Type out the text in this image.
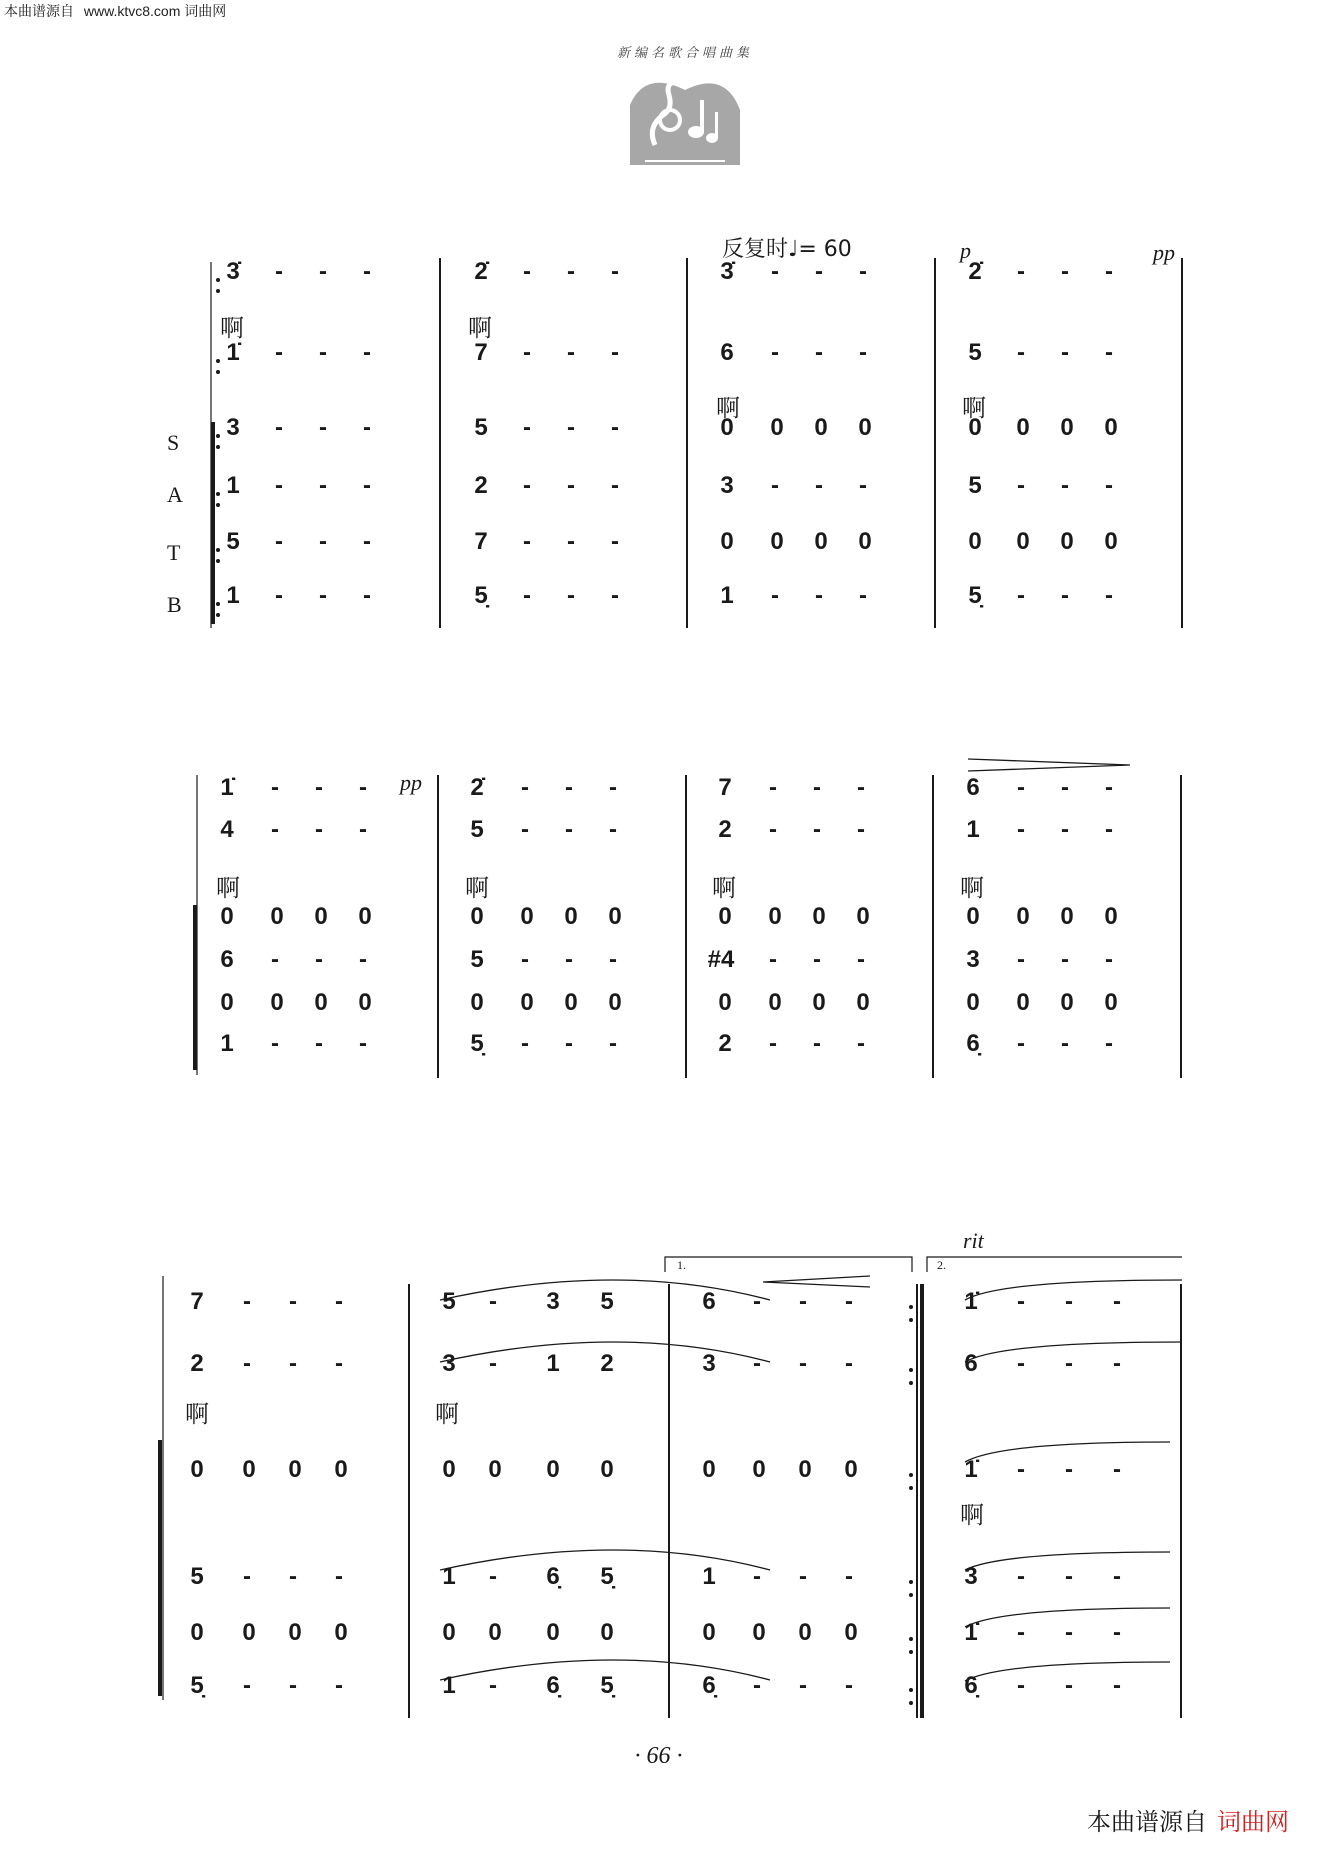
本曲谱源自 www.ktvc8.com 词曲网
新编名歌合唱曲集
S
A
T
B
反复时♩= 60	p	pp
pp
rit
1.	2.
啊	啊
啊	啊
啊	啊	啊	啊
啊	啊
啊
3̇ - - -	2̇ - - -	3̇ - - -	2̇ - - -
1̇ - - -	7 - - -	6 - - -	5 - - -
3 - - -	5 - - -	0 0 0 0	0 0 0 0
1 - - -	2 - - -	3 - - -	5 - - -
5 - - -	7 - - -	0 0 0 0	0 0 0 0
1 - - -	5̣ - - -	1 - - -	5̣ - - -
1̇ - - -	2̇ - - -	7 - - -	6 - - -
4 - - -	5 - - -	2 - - -	1 - - -
0 0 0 0	0 0 0 0	0 0 0 0	0 0 0 0
6 - - -	5 - - -	#4 - - -	3 - - -
0 0 0 0	0 0 0 0	0 0 0 0	0 0 0 0
1 - - -	5̣ - - -	2 - - -	6̣ - - -
7 - - -	5 - 3 5	6 - - -	1̇ - - -
2 - - -	3 - 1 2	3 - - -	6 - - -
0 0 0 0	0 0 0 0	0 0 0 0	1̇ - - -
5 - - -	1 - 6̣ 5̣	1 - - -	3 - - -
0 0 0 0	0 0 0 0	0 0 0 0	1̇ - - -
5̣ - - -	1 - 6̣ 5̣	6̣ - - -	6̣ - - -
· 66 ·
本曲谱源自 词曲网
